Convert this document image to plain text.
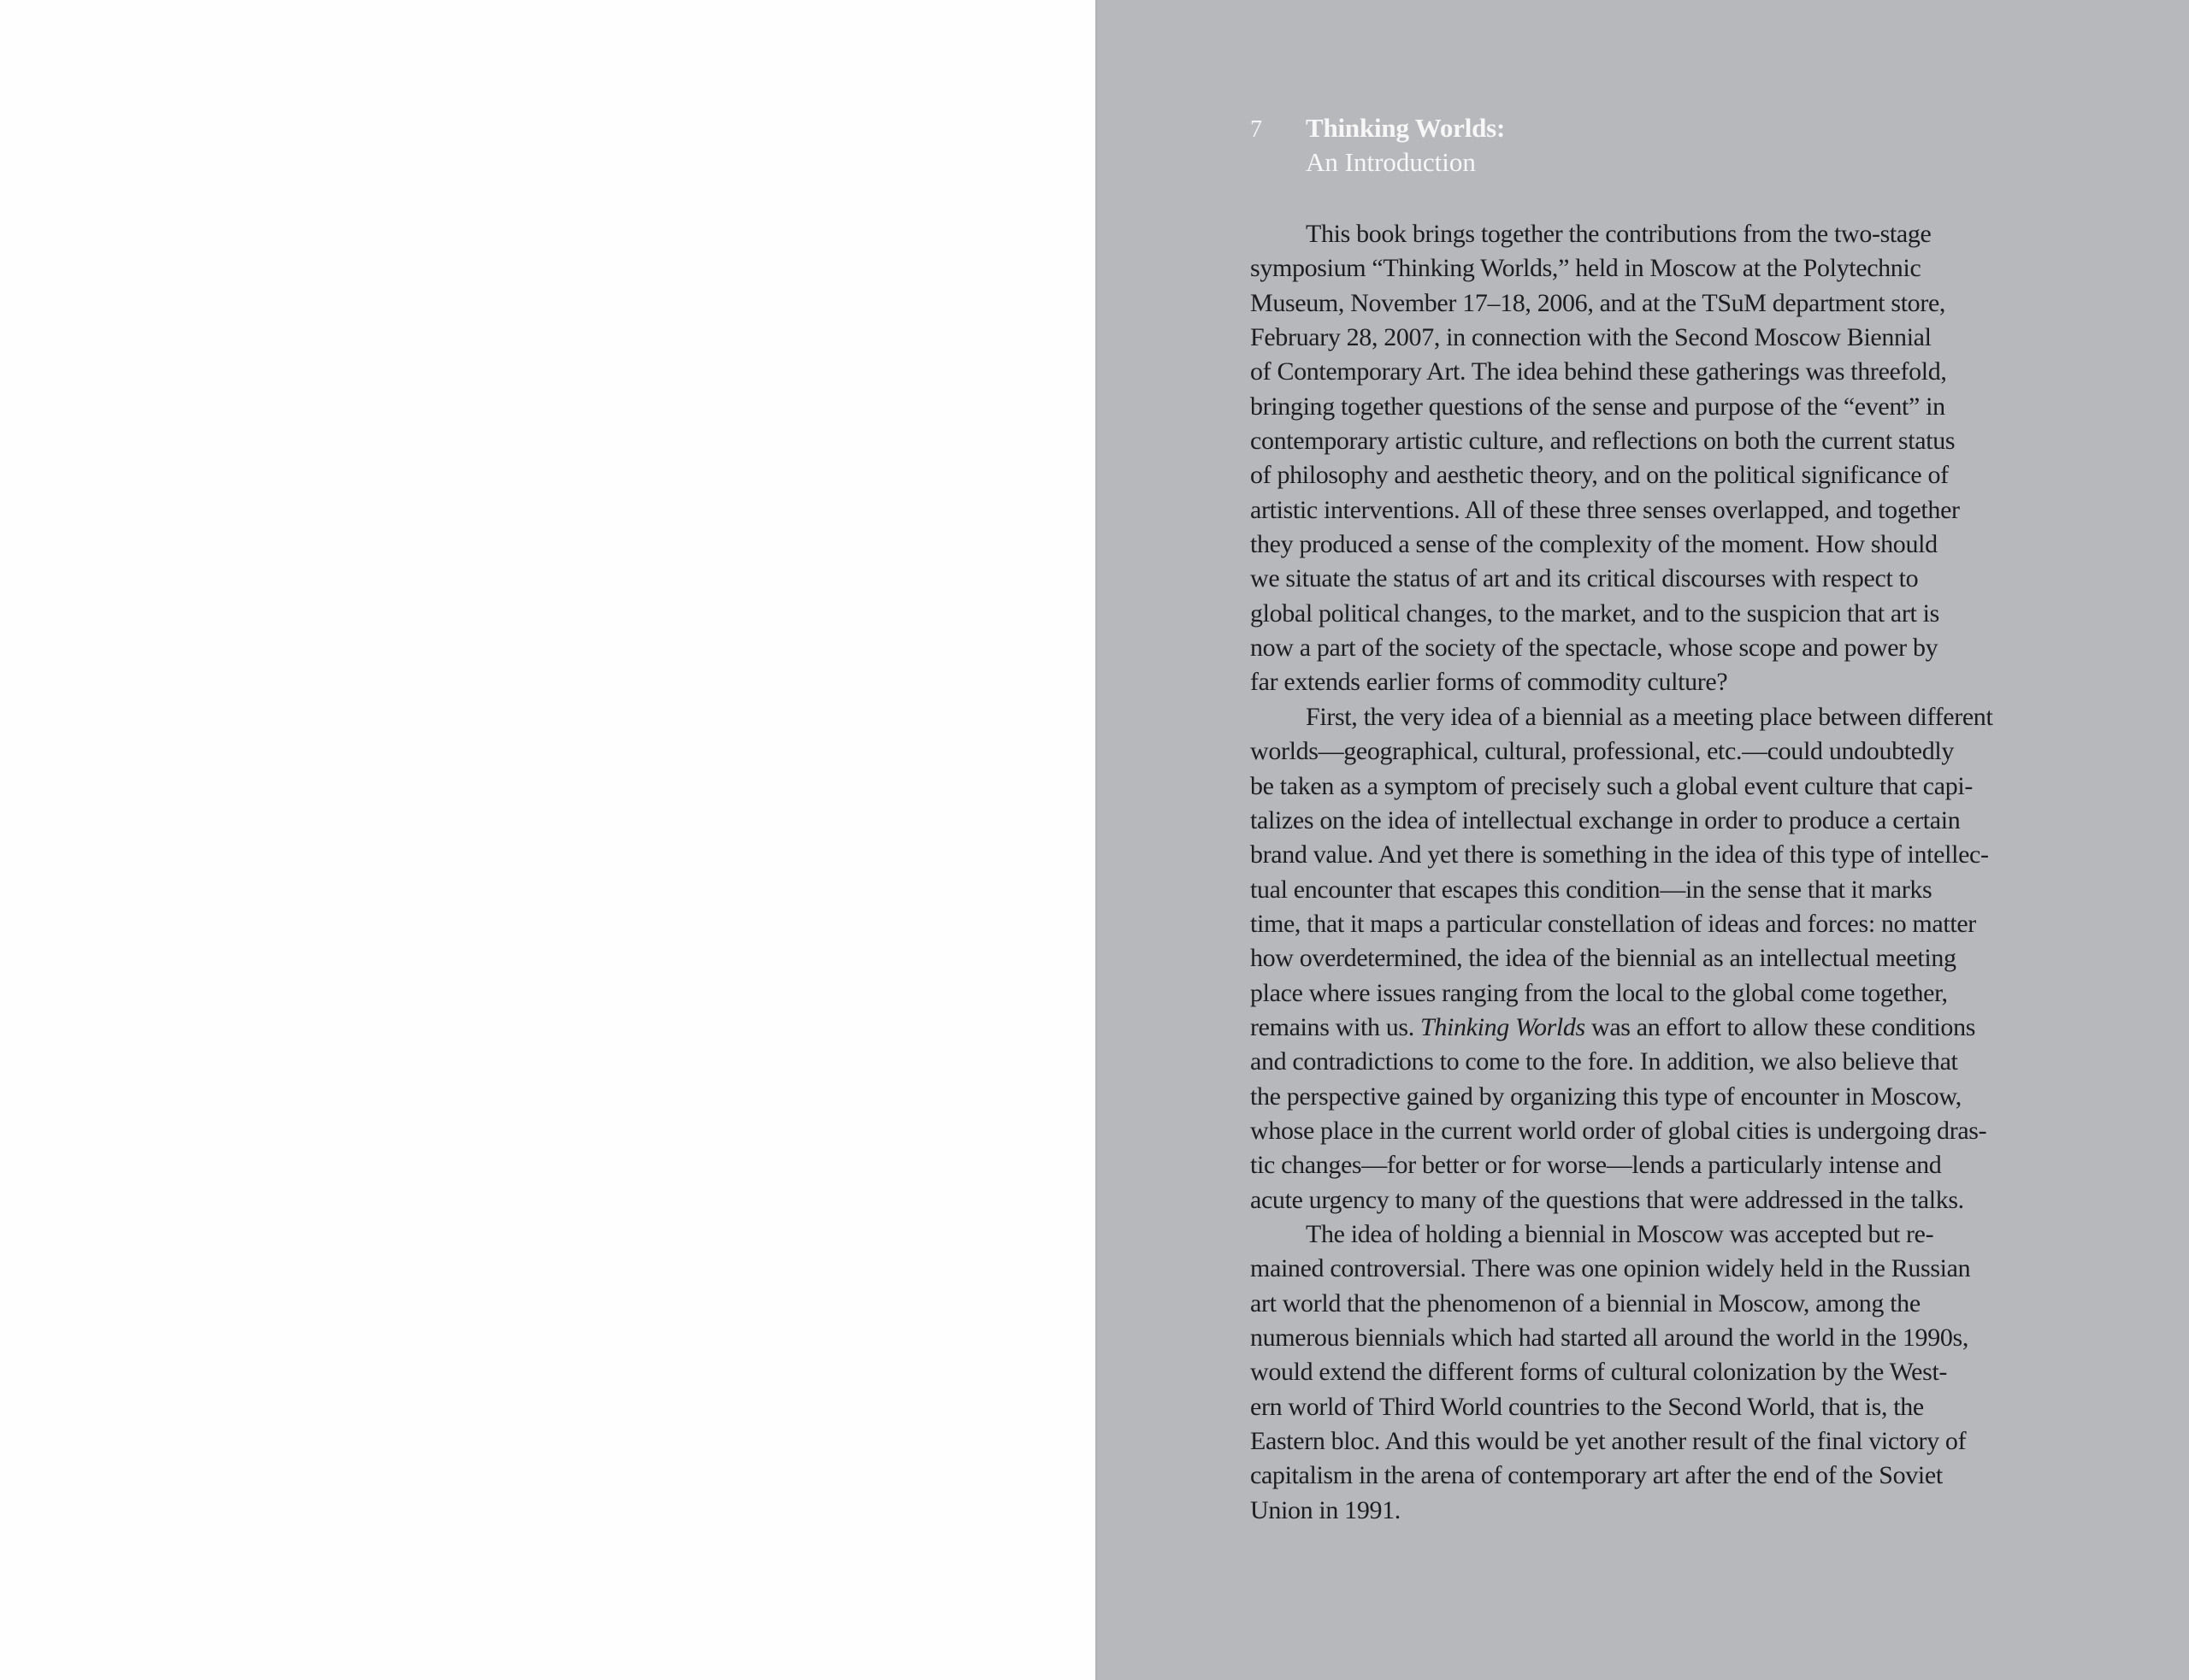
7 Thinking Worlds:
An Introduction
This book brings together the contributions from the two-stage
symposium “Thinking Worlds,” held in Moscow at the Polytechnic
Museum, November 17–18, 2006, and at the TSuM department store,
February 28, 2007, in connection with the Second Moscow Biennial
of Contemporary Art. The idea behind these gatherings was threefold,
bringing together questions of the sense and purpose of the “event” in
contemporary artistic culture, and reflections on both the current status
of philosophy and aesthetic theory, and on the political significance of
artistic interventions. All of these three senses overlapped, and together
they produced a sense of the complexity of the moment. How should
we situate the status of art and its critical discourses with respect to
global political changes, to the market, and to the suspicion that art is
now a part of the society of the spectacle, whose scope and power by
far extends earlier forms of commodity culture?
First, the very idea of a biennial as a meeting place between different
worlds—geographical, cultural, professional, etc.—could undoubtedly
be taken as a symptom of precisely such a global event culture that capi-
talizes on the idea of intellectual exchange in order to produce a certain
brand value. And yet there is something in the idea of this type of intellec-
tual encounter that escapes this condition—in the sense that it marks
time, that it maps a particular constellation of ideas and forces: no matter
how overdetermined, the idea of the biennial as an intellectual meeting
place where issues ranging from the local to the global come together,
remains with us. Thinking Worlds was an effort to allow these conditions
and contradictions to come to the fore. In addition, we also believe that
the perspective gained by organizing this type of encounter in Moscow,
whose place in the current world order of global cities is undergoing dras-
tic changes—for better or for worse—lends a particularly intense and
acute urgency to many of the questions that were addressed in the talks.
The idea of holding a biennial in Moscow was accepted but re-
mained controversial. There was one opinion widely held in the Russian
art world that the phenomenon of a biennial in Moscow, among the
numerous biennials which had started all around the world in the 1990s,
would extend the different forms of cultural colonization by the West-
ern world of Third World countries to the Second World, that is, the
Eastern bloc. And this would be yet another result of the final victory of
capitalism in the arena of contemporary art after the end of the Soviet
Union in 1991.
